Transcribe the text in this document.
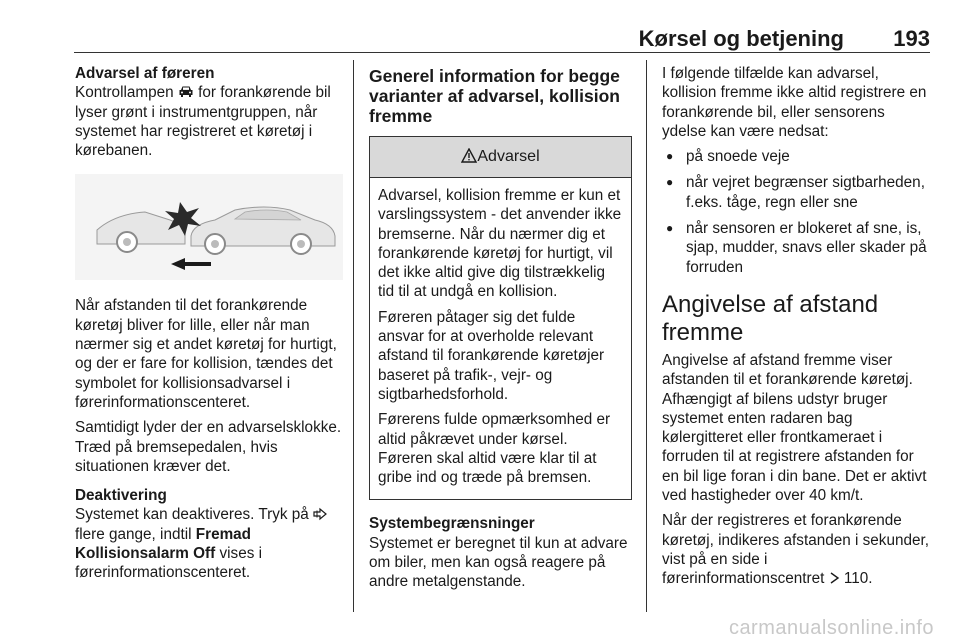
Kørsel og betjening 193
Advarsel af føreren

Kontrollampen for forankørende bil lyser grønt i instrumentgruppen, når systemet har registreret et køretøj i kørebanen.

Når afstanden til det forankørende køretøj bliver for lille, eller når man nærmer sig et andet køretøj for hurtigt, og der er fare for kollision, tændes det symbolet for kollisionsadvarsel i førerinformationscenteret.

Samtidigt lyder der en advarselsklokke. Træd på bremsepedalen, hvis situationen kræver det.

Deaktivering

Systemet kan deaktiveres. Tryk på  flere gange, indtil Fremad Kollisionsalarm Off vises i førerinformationscenteret.

Generel information for begge varianter af advarsel, kollision fremme
Advarsel

Advarsel, kollision fremme er kun et varslingssystem - det anvender ikke bremserne. Når du nærmer dig et forankørende køretøj for hurtigt, vil det ikke altid give dig tilstrækkelig tid til at undgå en kollision.

Føreren påtager sig det fulde ansvar for at overholde relevant afstand til forankørende køretøjer baseret på trafik-, vejr- og sigtbarhedsforhold.

Førerens fulde opmærksomhed er altid påkrævet under kørsel. Føreren skal altid være klar til at gribe ind og træde på bremsen.

Systembegrænsninger

Systemet er beregnet til kun at advare om biler, men kan også reagere på andre metalgenstande.

I følgende tilfælde kan advarsel, kollision fremme ikke altid registrere en forankørende bil, eller sensorens ydelse kan være nedsat:

● på snoede veje
● når vejret begrænser sigtbarheden, f.eks. tåge, regn eller sne
● når sensoren er blokeret af sne, is, sjap, mudder, snavs eller skader på forruden
Angivelse af afstand fremme

Angivelse af afstand fremme viser afstanden til et forankørende køretøj. Afhængigt af bilens udstyr bruger systemet enten radaren bag kølergitteret eller frontkameraet i forruden til at registrere afstanden for en bil lige foran i din bane. Det er aktivt ved hastigheder over 40 km/t.

Når der registreres et forankørende køretøj, indikeres afstanden i sekunder, vist på en side i førerinformationscentret 110.

carmanualsonline.info
